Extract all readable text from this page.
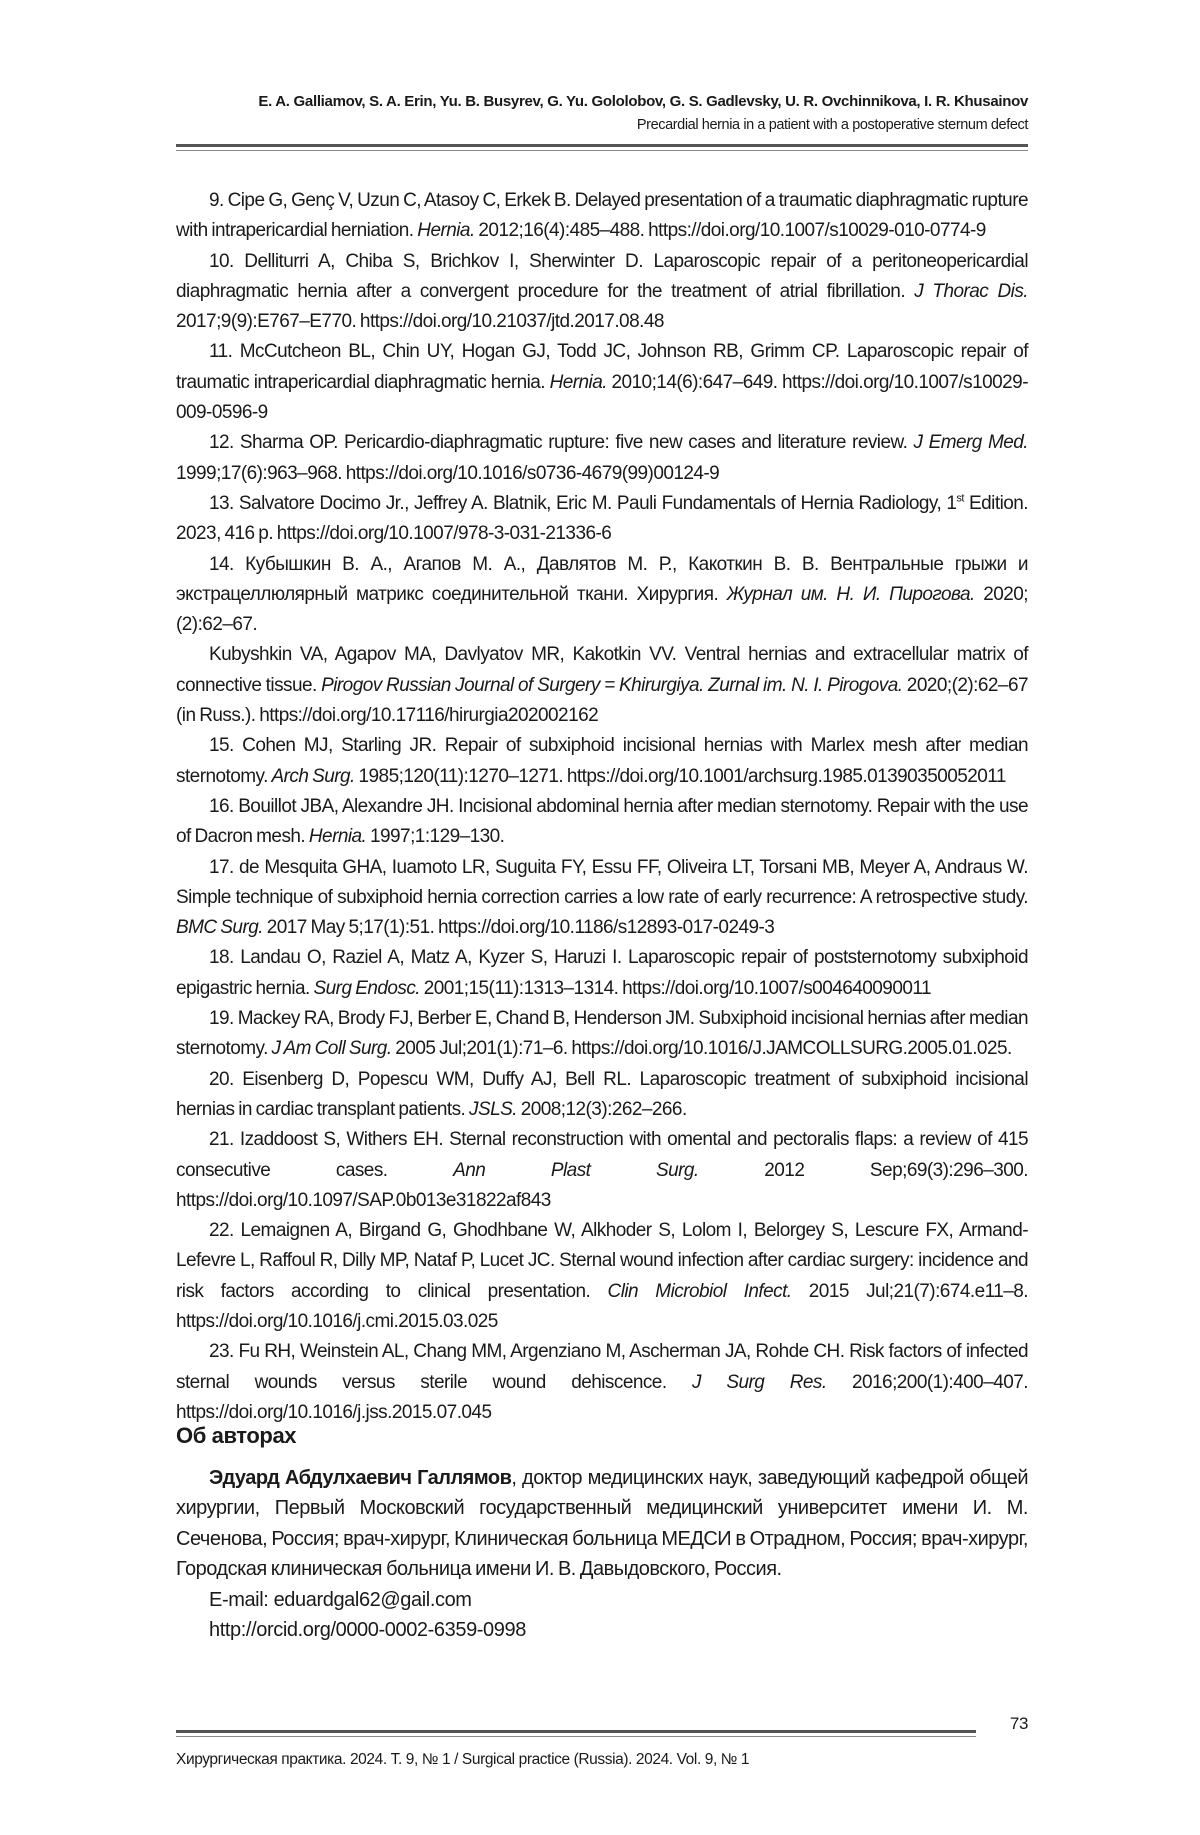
E. A. Galliamov, S. A. Erin, Yu. B. Busyrev, G. Yu. Gololobov, G. S. Gadlevsky, U. R. Ovchinnikova, I. R. Khusainov
Precardial hernia in a patient with a postoperative sternum defect

9. Cipe G, Genç V, Uzun C, Atasoy C, Erkek B. Delayed presentation of a traumatic diaphragmatic rupture with intrapericardial herniation. Hernia. 2012;16(4):485–488. https://doi.org/10.1007/s10029-010-0774-9

10. Delliturri A, Chiba S, Brichkov I, Sherwinter D. Laparoscopic repair of a peritoneopericardial diaphragmatic hernia after a convergent procedure for the treatment of atrial fibrillation. J Thorac Dis. 2017;9(9):E767–E770. https://doi.org/10.21037/jtd.2017.08.48

11. McCutcheon BL, Chin UY, Hogan GJ, Todd JC, Johnson RB, Grimm CP. Laparoscopic repair of traumatic intrapericardial diaphragmatic hernia. Hernia. 2010;14(6):647–649. https://doi.org/10.1007/s10029-009-0596-9

12. Sharma OP. Pericardio-diaphragmatic rupture: five new cases and literature review. J Emerg Med. 1999;17(6):963–968. https://doi.org/10.1016/s0736-4679(99)00124-9

13. Salvatore Docimo Jr., Jeffrey A. Blatnik, Eric M. Pauli Fundamentals of Hernia Radiology, 1st Edition. 2023, 416 p. https://doi.org/10.1007/978-3-031-21336-6

14. Кубышкин В. А., Агапов М. А., Давлятов М. Р., Какоткин В. В. Вентральные грыжи и экстрацеллюлярный матрикс соединительной ткани. Хирургия. Журнал им. Н. И. Пирогова. 2020;(2):62–67.

Kubyshkin VA, Agapov MA, Davlyatov MR, Kakotkin VV. Ventral hernias and extracellular matrix of connective tissue. Pirogov Russian Journal of Surgery = Khirurgiya. Zurnal im. N. I. Pirogova. 2020;(2):62–67 (in Russ.). https://doi.org/10.17116/hirurgia202002162

15. Cohen MJ, Starling JR. Repair of subxiphoid incisional hernias with Marlex mesh after median sternotomy. Arch Surg. 1985;120(11):1270–1271. https://doi.org/10.1001/archsurg.1985.01390350052011

16. Bouillot JBA, Alexandre JH. Incisional abdominal hernia after median sternotomy. Repair with the use of Dacron mesh. Hernia. 1997;1:129–130.

17. de Mesquita GHA, Iuamoto LR, Suguita FY, Essu FF, Oliveira LT, Torsani MB, Meyer A, Andraus W. Simple technique of subxiphoid hernia correction carries a low rate of early recurrence: A retrospective study. BMC Surg. 2017 May 5;17(1):51. https://doi.org/10.1186/s12893-017-0249-3

18. Landau O, Raziel A, Matz A, Kyzer S, Haruzi I. Laparoscopic repair of poststernotomy subxiphoid epigastric hernia. Surg Endosc. 2001;15(11):1313–1314. https://doi.org/10.1007/s004640090011

19. Mackey RA, Brody FJ, Berber E, Chand B, Henderson JM. Subxiphoid incisional hernias after median sternotomy. J Am Coll Surg. 2005 Jul;201(1):71–6. https://doi.org/10.1016/J.JAMCOLLSURG.2005.01.025.

20. Eisenberg D, Popescu WM, Duffy AJ, Bell RL. Laparoscopic treatment of subxiphoid incisional hernias in cardiac transplant patients. JSLS. 2008;12(3):262–266.

21. Izaddoost S, Withers EH. Sternal reconstruction with omental and pectoralis flaps: a review of 415 consecutive cases. Ann Plast Surg. 2012 Sep;69(3):296–300. https://doi.org/10.1097/SAP.0b013e31822af843

22. Lemaignen A, Birgand G, Ghodhbane W, Alkhoder S, Lolom I, Belorgey S, Lescure FX, Armand-Lefevre L, Raffoul R, Dilly MP, Nataf P, Lucet JC. Sternal wound infection after cardiac surgery: incidence and risk factors according to clinical presentation. Clin Microbiol Infect. 2015 Jul;21(7):674.e11–8. https://doi.org/10.1016/j.cmi.2015.03.025

23. Fu RH, Weinstein AL, Chang MM, Argenziano M, Ascherman JA, Rohde CH. Risk factors of infected sternal wounds versus sterile wound dehiscence. J Surg Res. 2016;200(1):400–407. https://doi.org/10.1016/j.jss.2015.07.045

Об авторах

Эдуард Абдулхаевич Галлямов, доктор медицинских наук, заведующий кафедрой общей хирургии, Первый Московский государственный медицинский университет имени И. М. Сеченова, Россия; врач-хирург, Клиническая больница МЕДСИ в Отрадном, Россия; врач-хирург, Городская клиническая больница имени И. В. Давыдовского, Россия.

E-mail: eduardgal62@gail.com

http://orcid.org/0000-0002-6359-0998

73
Хирургическая практика. 2024. Т. 9, № 1 / Surgical practice (Russia). 2024. Vol. 9, № 1
